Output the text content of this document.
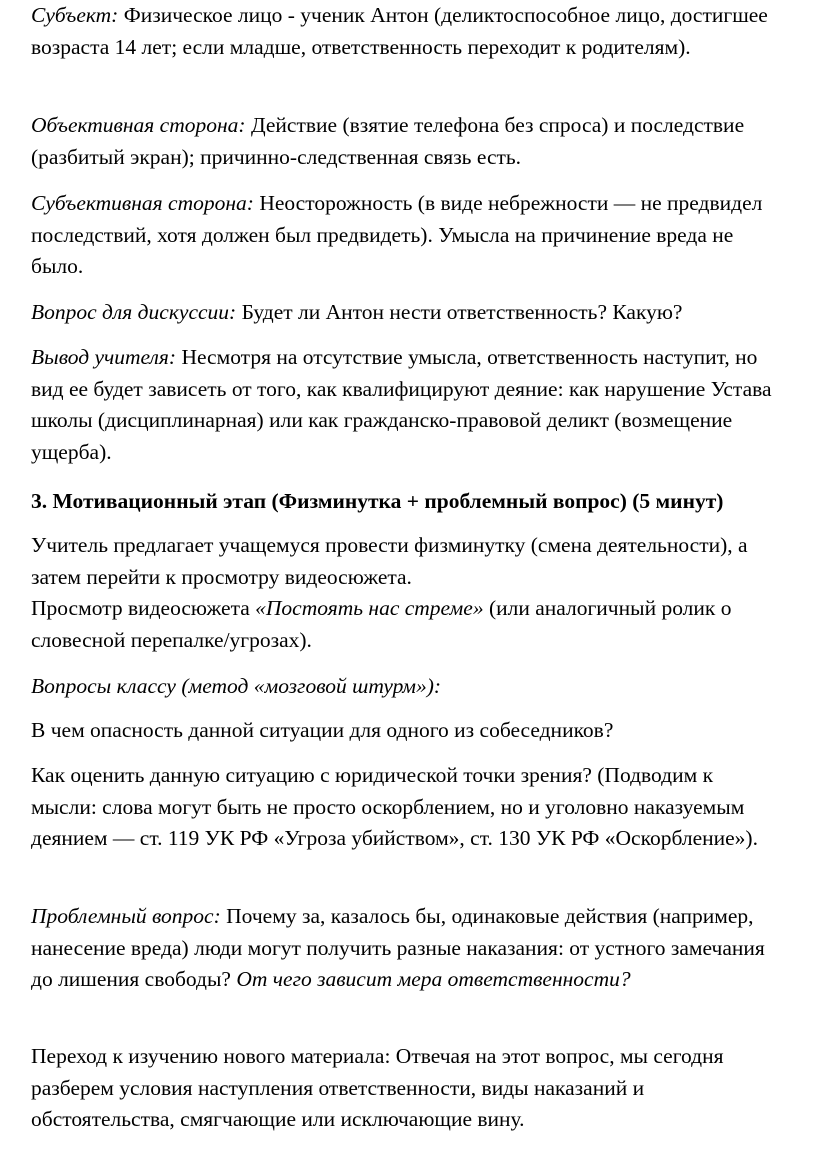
Субъект: Физическое лицо - ученик Антон (деликтоспособное лицо, достигшее возраста 14 лет; если младше, ответственность переходит к родителям).

Объективная сторона: Действие (взятие телефона без спроса) и последствие (разбитый экран); причинно-следственная связь есть.

Субъективная сторона: Неосторожность (в виде небрежности — не предвидел последствий, хотя должен был предвидеть). Умысла на причинение вреда не было.

Вопрос для дискуссии: Будет ли Антон нести ответственность? Какую?

Вывод учителя: Несмотря на отсутствие умысла, ответственность наступит, но вид ее будет зависеть от того, как квалифицируют деяние: как нарушение Устава школы (дисциплинарная) или как гражданско-правовой деликт (возмещение ущерба).

3. Мотивационный этап (Физминутка + проблемный вопрос) (5 минут)

Учитель предлагает учащемуся провести физминутку (смена деятельности), а затем перейти к просмотру видеосюжета.

Просмотр видеосюжета «Постоять нас стреме» (или аналогичный ролик о словесной перепалке/угрозах).

Вопросы классу (метод «мозговой штурм»):

В чем опасность данной ситуации для одного из собеседников?

Как оценить данную ситуацию с юридической точки зрения? (Подводим к мысли: слова могут быть не просто оскорблением, но и уголовно наказуемым деянием — ст. 119 УК РФ «Угроза убийством», ст. 130 УК РФ «Оскорбление»).

Проблемный вопрос: Почему за, казалось бы, одинаковые действия (например, нанесение вреда) люди могут получить разные наказания: от устного замечания до лишения свободы? От чего зависит мера ответственности?

Переход к изучению нового материала: Отвечая на этот вопрос, мы сегодня разберем условия наступления ответственности, виды наказаний и обстоятельства, смягчающие или исключающие вину.
